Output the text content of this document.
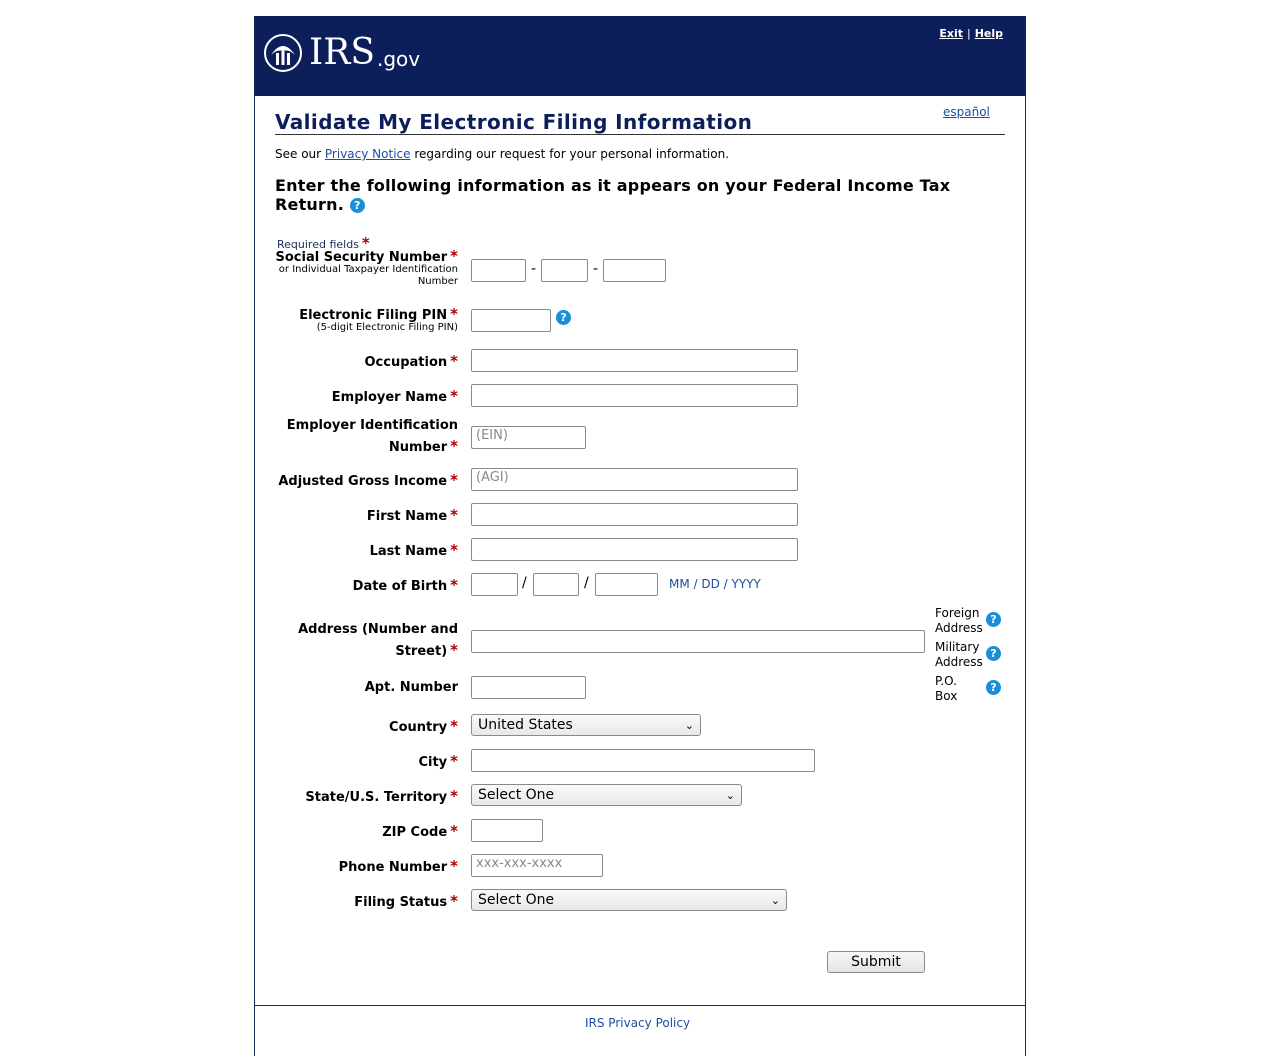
IRS .gov
Exit | Help
español
Validate My Electronic Filing Information
See our Privacy Notice regarding our request for your personal information.
Enter the following information as it appears on your Federal Income Tax Return. ?
Required fields *
Social Security Number *
or Individual Taxpayer Identification
Number
-	-
Electronic Filing PIN *
(5-digit Electronic Filing PIN)
?
Occupation *
Employer Name *
Employer Identification
Number *
(EIN)
Adjusted Gross Income *	(AGI)
First Name *
Last Name *
Date of Birth *	/	/	MM / DD / YYYY
Address (Number and
Street) *
Foreign
Address
?
Military
Address
?
P.O.
Box
?
Apt. Number
Country * United States	⌄
City *
State/U.S. Territory * Select One	⌄
ZIP Code *
Phone Number *	xxx-xxx-xxxx
Filing Status * Select One	⌄
Submit
IRS Privacy Policy
